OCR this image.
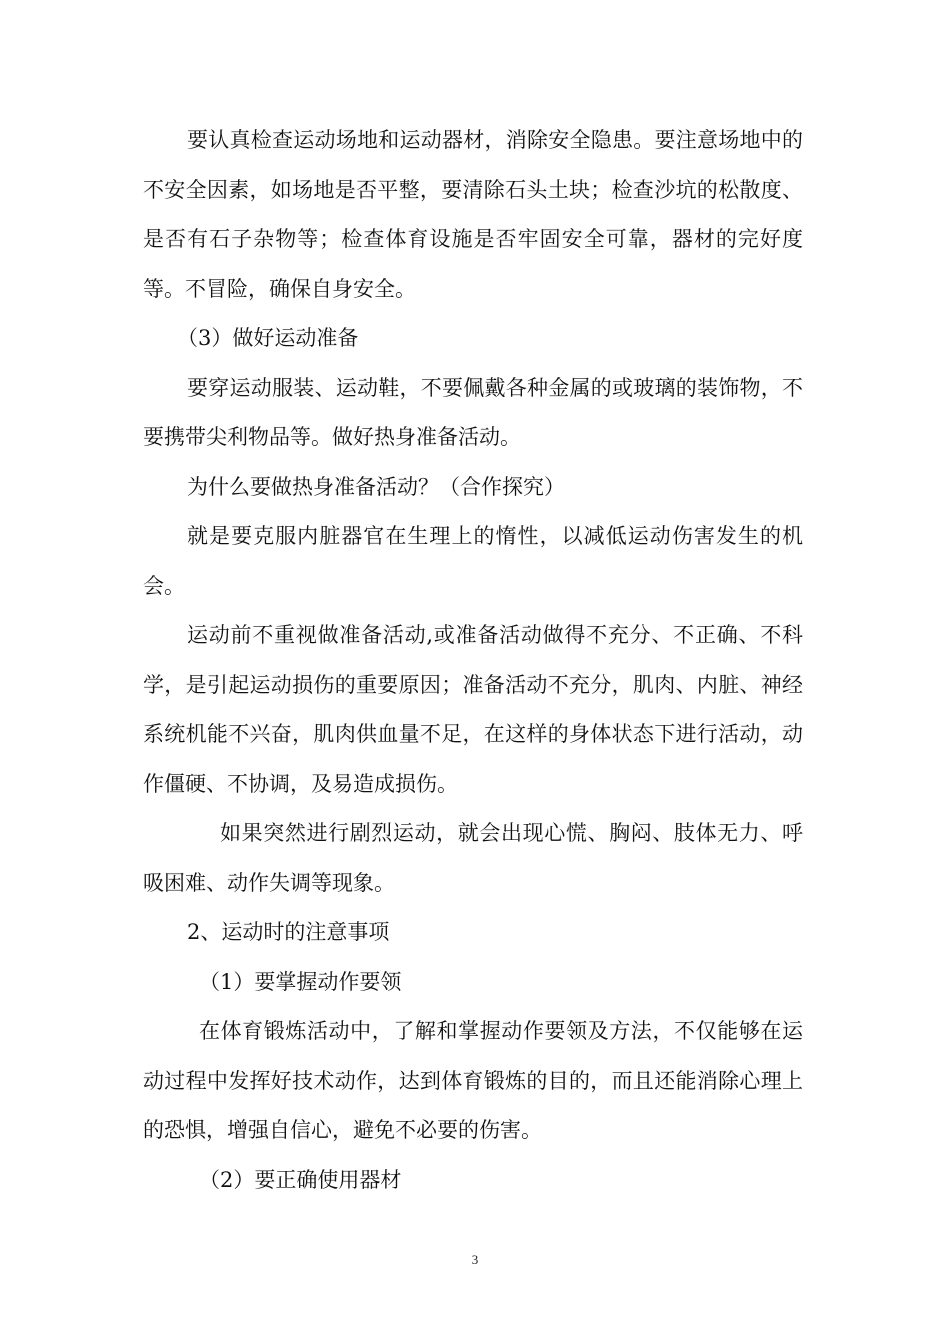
要认真检查运动场地和运动器材，消除安全隐患。要注意场地中的不安全因素，如场地是否平整，要清除石头土块；检查沙坑的松散度、是否有石子杂物等；检查体育设施是否牢固安全可靠，器材的完好度等。不冒险，确保自身安全。

（3）做好运动准备

要穿运动服装、运动鞋，不要佩戴各种金属的或玻璃的装饰物，不要携带尖利物品等。做好热身准备活动。

为什么要做热身准备活动？（合作探究）

就是要克服内脏器官在生理上的惰性，以减低运动伤害发生的机会。

运动前不重视做准备活动,或准备活动做得不充分、不正确、不科学，是引起运动损伤的重要原因；准备活动不充分，肌肉、内脏、神经系统机能不兴奋，肌肉供血量不足，在这样的身体状态下进行活动，动作僵硬、不协调，及易造成损伤。

如果突然进行剧烈运动，就会出现心慌、胸闷、肢体无力、呼吸困难、动作失调等现象。

2、运动时的注意事项

（1）要掌握动作要领

在体育锻炼活动中，了解和掌握动作要领及方法，不仅能够在运动过程中发挥好技术动作，达到体育锻炼的目的，而且还能消除心理上的恐惧，增强自信心，避免不必要的伤害。

（2）要正确使用器材

3
